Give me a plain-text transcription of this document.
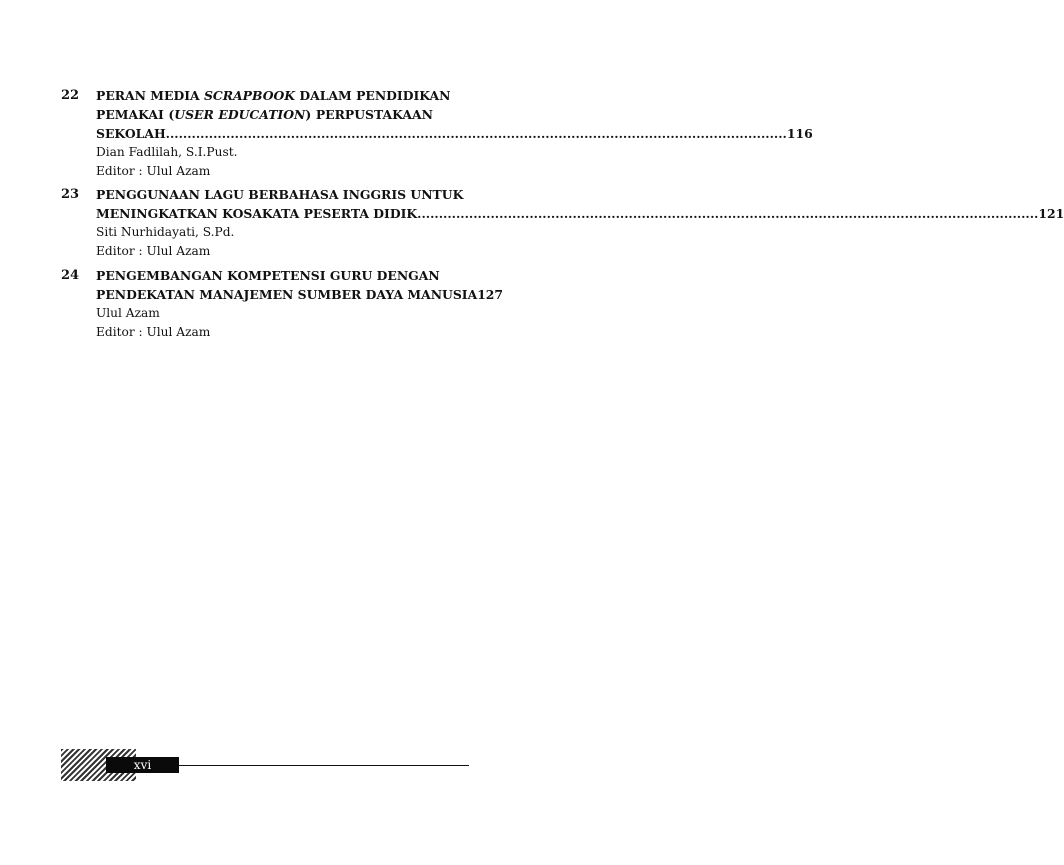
22 PERAN MEDIA SCRAPBOOK DALAM PENDIDIKAN
PEMAKAI (USER EDUCATION) PERPUSTAKAAN
SEKOLAH .....	116
Dian Fadlilah, S.I.Pust.
Editor : Ulul Azam
23 PENGGUNAAN LAGU BERBAHASA INGGRIS UNTUK
MENINGKATKAN KOSAKATA PESERTA DIDIK .....	121
Siti Nurhidayati, S.Pd.
Editor : Ulul Azam
24 PENGEMBANGAN KOMPETENSI GURU DENGAN
PENDEKATAN MANAJEMEN SUMBER DAYA MANUSIA 127
Ulul Azam
Editor : Ulul Azam
xvi
